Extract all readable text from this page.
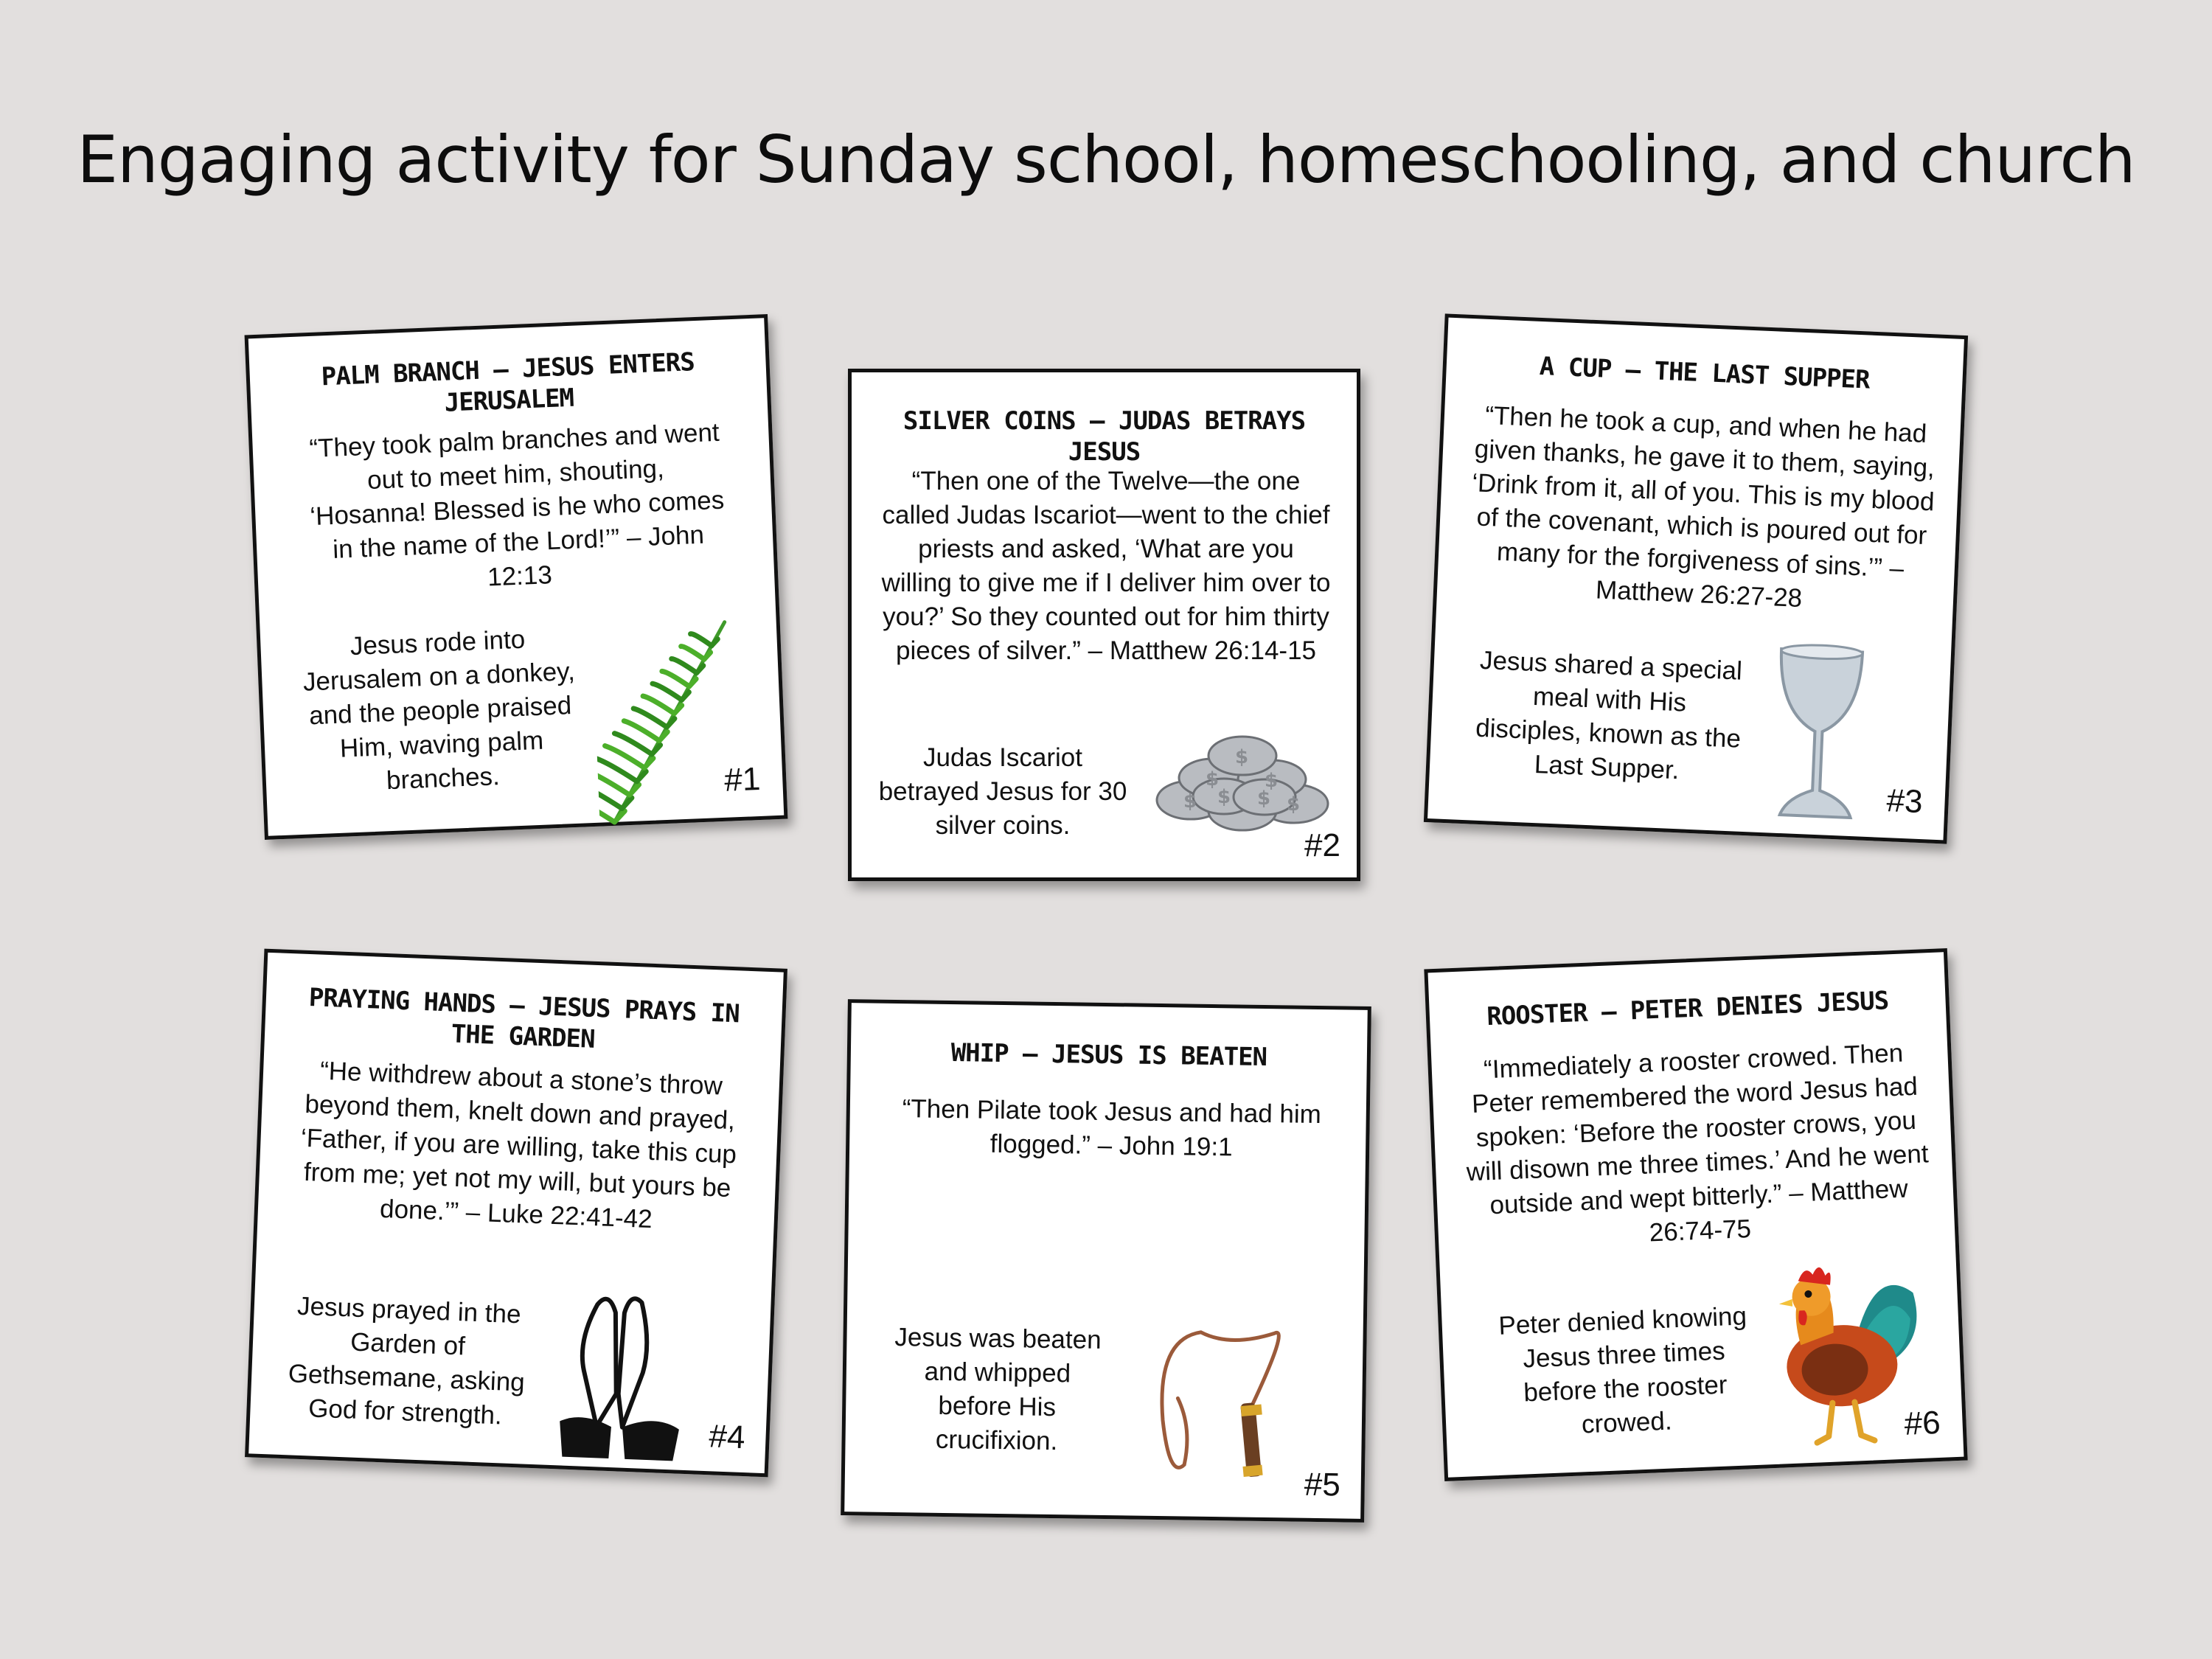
Engaging activity for Sunday school, homeschooling, and church
PALM BRANCH – JESUS ENTERS JERUSALEM
“They took palm branches and went out to meet him, shouting, ‘Hosanna! Blessed is he who comes in the name of the Lord!’” – John 12:13
Jesus rode into Jerusalem on a donkey, and the people praised Him, waving palm branches.	#1
SILVER COINS – JUDAS BETRAYS JESUS
“Then one of the Twelve—the one called Judas Iscariot—went to the chief priests and asked, ‘What are you willing to give me if I deliver him over to you?’ So they counted out for him thirty pieces of silver.” – Matthew 26:14-15
Judas Iscariot betrayed Jesus for 30 silver coins.
$
$ $
$ $
$	$
#2
A CUP – THE LAST SUPPER
“Then he took a cup, and when he had given thanks, he gave it to them, saying, ‘Drink from it, all of you. This is my blood of the covenant, which is poured out for many for the forgiveness of sins.’” – Matthew 26:27-28
Jesus shared a special meal with His disciples, known as the Last Supper.
#3
PRAYING HANDS – JESUS PRAYS IN THE GARDEN
“He withdrew about a stone’s throw beyond them, knelt down and prayed, ‘Father, if you are willing, take this cup from me; yet not my will, but yours be done.’” – Luke 22:41-42
Jesus prayed in the Garden of Gethsemane, asking God for strength.
#4
WHIP – JESUS IS BEATEN
“Then Pilate took Jesus and had him flogged.” – John 19:1
Jesus was beaten and whipped before His crucifixion.
#5
ROOSTER – PETER DENIES JESUS
“Immediately a rooster crowed. Then Peter remembered the word Jesus had spoken: ‘Before the rooster crows, you will disown me three times.’ And he went outside and wept bitterly.” – Matthew 26:74-75
Peter denied knowing Jesus three times before the rooster crowed.	#6
